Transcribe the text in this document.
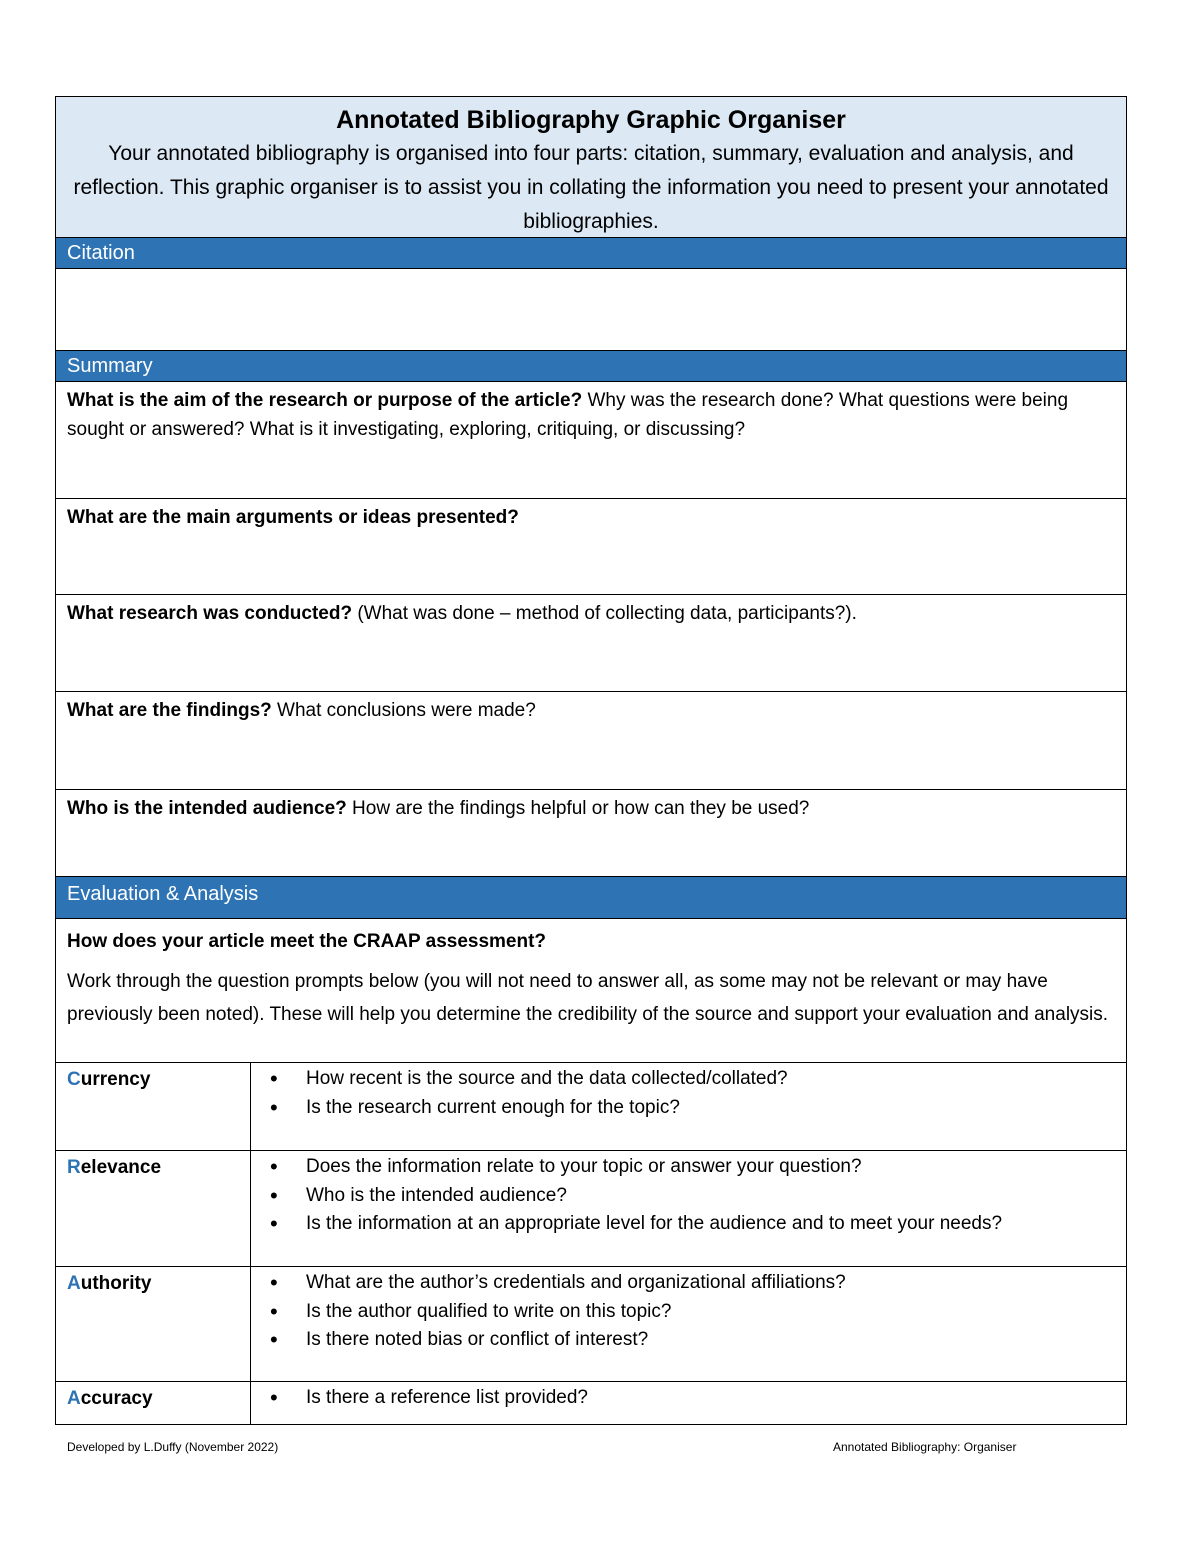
Annotated Bibliography Graphic Organiser
Your annotated bibliography is organised into four parts: citation, summary, evaluation and analysis, and reflection. This graphic organiser is to assist you in collating the information you need to present your annotated bibliographies.
Citation
Summary
What is the aim of the research or purpose of the article? Why was the research done? What questions were being sought or answered? What is it investigating, exploring, critiquing, or discussing?
What are the main arguments or ideas presented?
What research was conducted? (What was done – method of collecting data, participants?).
What are the findings? What conclusions were made?
Who is the intended audience? How are the findings helpful or how can they be used?
Evaluation & Analysis
How does your article meet the CRAAP assessment?
Work through the question prompts below (you will not need to answer all, as some may not be relevant or may have previously been noted). These will help you determine the credibility of the source and support your evaluation and analysis.
Currency	• How recent is the source and the data collected/collated?
• Is the research current enough for the topic?
Relevance	• Does the information relate to your topic or answer your question?
• Who is the intended audience?
• Is the information at an appropriate level for the audience and to meet your needs?
Authority	• What are the author’s credentials and organizational affiliations?
• Is the author qualified to write on this topic?
• Is there noted bias or conflict of interest?
Accuracy	• Is there a reference list provided?
Developed by L.Duffy (November 2022)	Annotated Bibliography: Organiser
